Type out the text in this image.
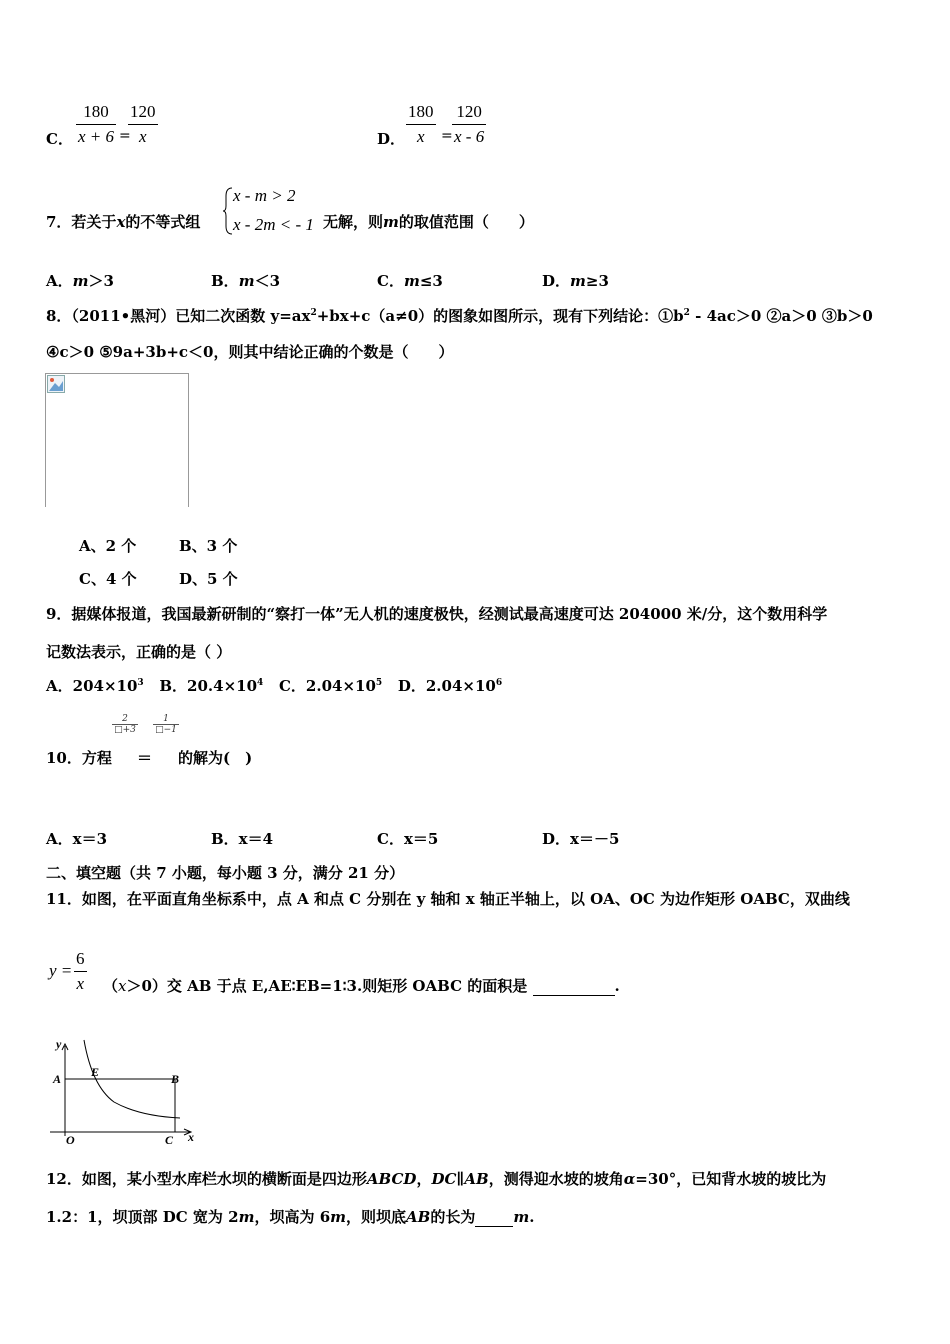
C． $\frac{180}{x + 6}$ =
$\frac{120}{x}$	D． $\frac{180}{x} = \frac{120}{x - 6}$
7．若关于x的不等式组
x - m > 2
x - 2m < - 1 无解，则m的取值范围（　　）
A．m＞3	B．m＜3	C．m≤3	D．m≥3
8．（2011•黑河）已知二次函数 $y=ax^2+bx+c(a\ne 0)$的图象如图所示，现有下列结论：$①b^2 - 4ac>0$ ②a＞0 ③b＞0
④c＞0 ⑤9a+3b+c＜0，则其中结论正确的个数是（　　）
A、2 个	B、3 个
C、4 个	D、5 个
9．据媒体报道，我国最新研制的“察打一体”无人机的速度极快，经测试最高速度可达 204000 米/分，这个数用科学
记数法表示，正确的是（ ）
A．$204\times 10^3$ B．$20.4\times 10^4$ C．$2.04\times 10^5$ D．$2.04\times 10^6$
10．方程
2
□+3
＝
1
□−1
的解为(　)
A．x＝3	B．x＝4	C．x＝5	D．x＝－5
二、填空题（共 7 小题，每小题 3 分，满分 21 分）
11．如图，在平面直角坐标系中，点 A 和点 C 分别在 y 轴和 x 轴正半轴上，以 OA、OC 为边作矩形 OABC，双曲线
$y = \frac{6}{x} (x>0)$交 AB 于点 E,AE∶EB=1∶3.则矩形 OABC 的面积是	.
y
A E	B
O	C x
12．如图，某小型水库栏水坝的横断面是四边形ABCD，DC∥AB，测得迎水坡的坡角α=30°，已知背水坡的坡比为
1.2：1，坝顶部 DC 宽为 2m，坝高为 6m，则坝底AB的长为	m.
